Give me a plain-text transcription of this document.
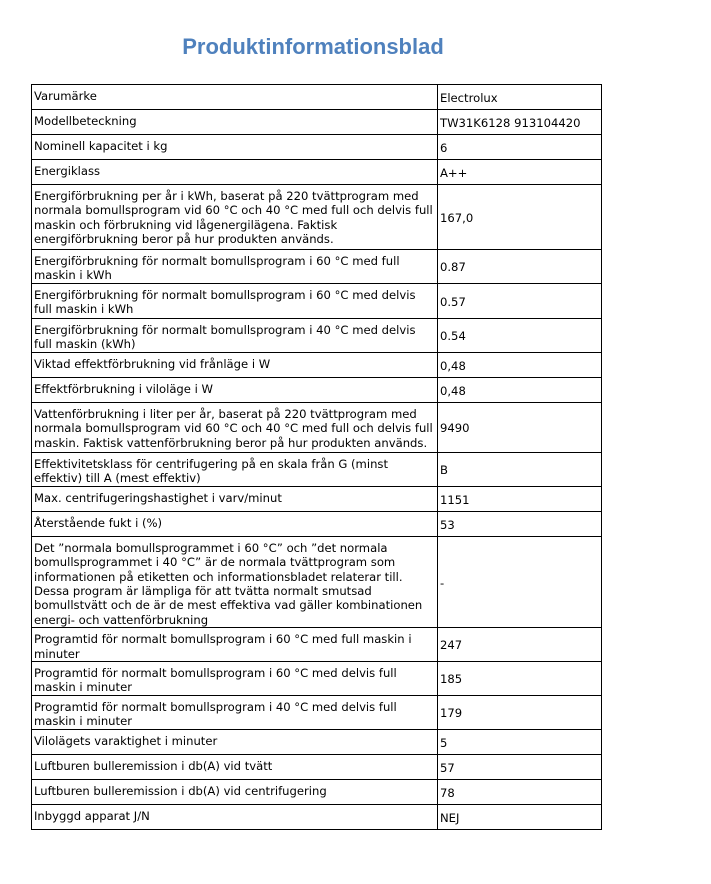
Produktinformationsblad
Varumärke	Electrolux
Modellbeteckning	TW31K6128 913104420
Nominell kapacitet i kg	6
Energiklass	A++
Energiförbrukning per år i kWh, baserat på 220 tvättprogram med normala bomullsprogram vid 60 °C och 40 °C med full och delvis full maskin och förbrukning vid lågenergilägena. Faktisk energiförbrukning beror på hur produkten används.	167,0
Energiförbrukning för normalt bomullsprogram i 60 °C med full maskin i kWh	0.87
Energiförbrukning för normalt bomullsprogram i 60 °C med delvis full maskin i kWh	0.57
Energiförbrukning för normalt bomullsprogram i 40 °C med delvis full maskin (kWh)	0.54
Viktad effektförbrukning vid frånläge i W	0,48
Effektförbrukning i viloläge i W	0,48
Vattenförbrukning i liter per år, baserat på 220 tvättprogram med normala bomullsprogram vid 60 °C och 40 °C med full och delvis full maskin. Faktisk vattenförbrukning beror på hur produkten används.	9490
Effektivitetsklass för centrifugering på en skala från G (minst effektiv) till A (mest effektiv)	B
Max. centrifugeringshastighet i varv/minut	1151
Återstående fukt i (%)	53
Det ”normala bomullsprogrammet i 60 °C” och ”det normala bomullsprogrammet i 40 °C” är de normala tvättprogram som informationen på etiketten och informationsbladet relaterar till. Dessa program är lämpliga för att tvätta normalt smutsad bomullstvätt och de är de mest effektiva vad gäller kombinationen energi- och vattenförbrukning	-
Programtid för normalt bomullsprogram i 60 °C med full maskin i minuter	247
Programtid för normalt bomullsprogram i 60 °C med delvis full maskin i minuter	185
Programtid för normalt bomullsprogram i 40 °C med delvis full maskin i minuter	179
Vilolägets varaktighet i minuter	5
Luftburen bulleremission i db(A) vid tvätt	57
Luftburen bulleremission i db(A) vid centrifugering	78
Inbyggd apparat J/N	NEJ
